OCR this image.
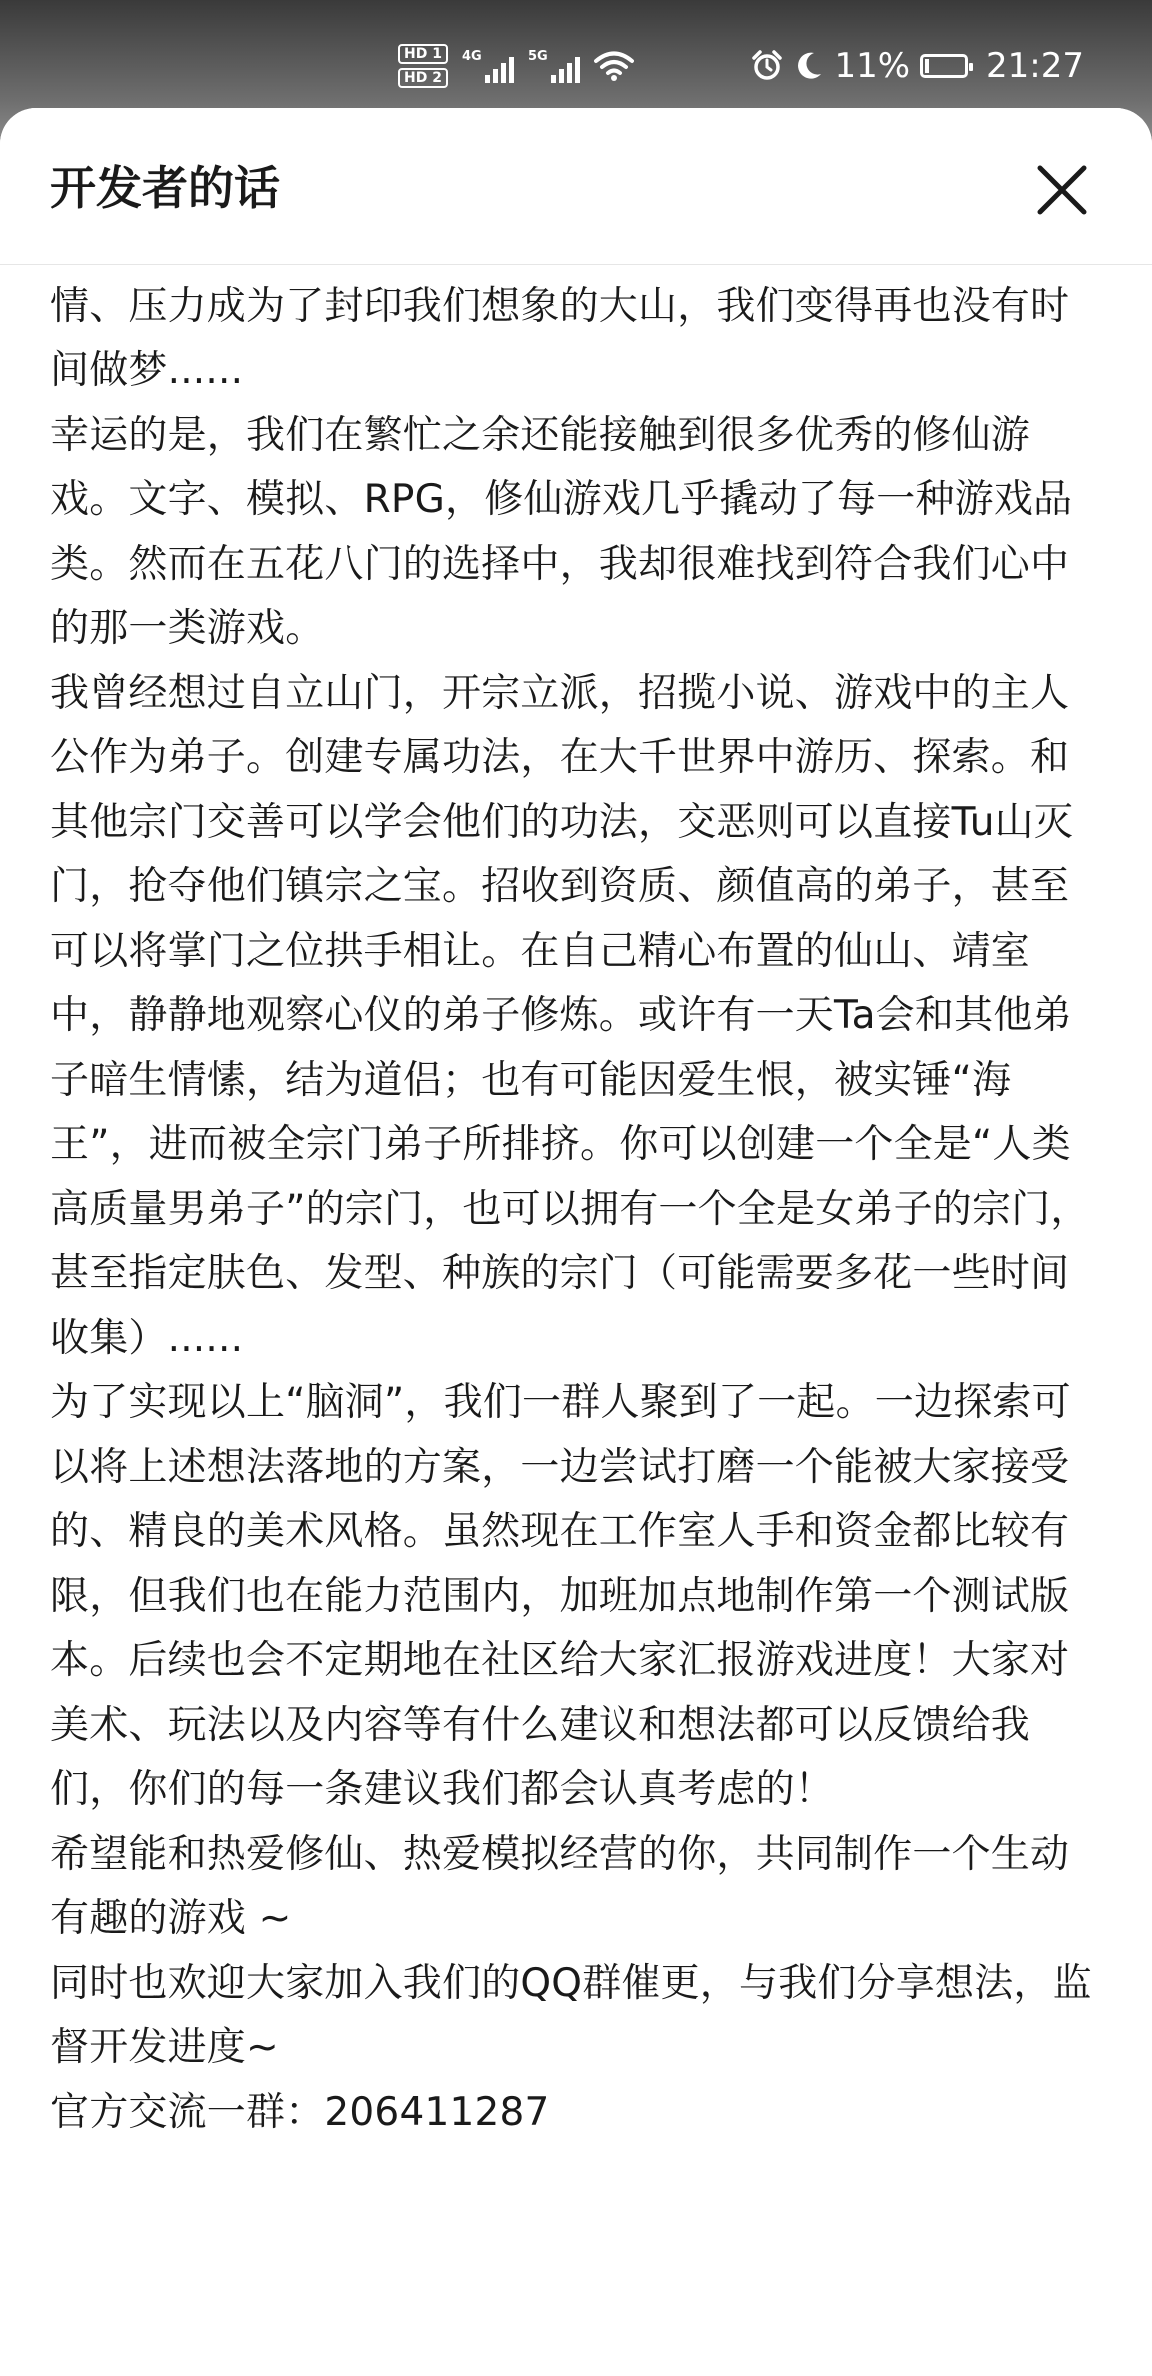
HD 1
HD 2
4G	5G	11% 21:27

情、压力成为了封印我们想象的大山，我们变得再也没有时间做梦......

幸运的是，我们在繁忙之余还能接触到很多优秀的修仙游戏。文字、模拟、RPG，修仙游戏几乎撬动了每一种游戏品类。然而在五花八门的选择中，我却很难找到符合我们心中的那一类游戏。

我曾经想过自立山门，开宗立派，招揽小说、游戏中的主人公作为弟子。创建专属功法，在大千世界中游历、探索。和其他宗门交善可以学会他们的功法，交恶则可以直接Tu山灭门，抢夺他们镇宗之宝。招收到资质、颜值高的弟子，甚至可以将掌门之位拱手相让。在自己精心布置的仙山、靖室中，静静地观察心仪的弟子修炼。或许有一天Ta会和其他弟子暗生情愫，结为道侣；也有可能因爱生恨，被实锤“海王”，进而被全宗门弟子所排挤。你可以创建一个全是“人类高质量男弟子”的宗门，也可以拥有一个全是女弟子的宗门，甚至指定肤色、发型、种族的宗门（可能需要多花一些时间收集）......

为了实现以上“脑洞”，我们一群人聚到了一起。一边探索可以将上述想法落地的方案，一边尝试打磨一个能被大家接受的、精良的美术风格。虽然现在工作室人手和资金都比较有限，但我们也在能力范围内，加班加点地制作第一个测试版本。后续也会不定期地在社区给大家汇报游戏进度！大家对美术、玩法以及内容等有什么建议和想法都可以反馈给我们，你们的每一条建议我们都会认真考虑的！

希望能和热爱修仙、热爱模拟经营的你，共同制作一个生动有趣的游戏 ~

同时也欢迎大家加入我们的QQ群催更，与我们分享想法，监督开发进度~

官方交流一群：206411287

开发者的话
